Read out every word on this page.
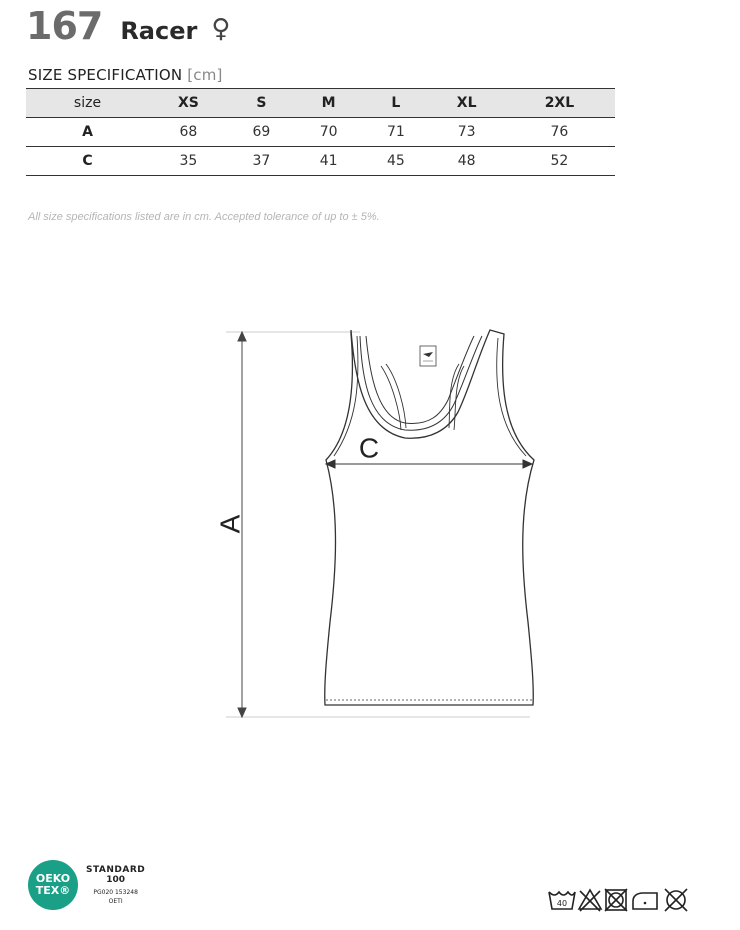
167 Racer ♀
SIZE SPECIFICATION [cm]
size	XS	S	M	L	XL	2XL
A	68	69	70	71	73	76
C	35	37	41	45	48	52
All size specifications listed are in cm. Accepted tolerance of up to ± 5%.
A
C
OEKO
TEX®
STANDARD
100
PG020 153248
OETI	40
